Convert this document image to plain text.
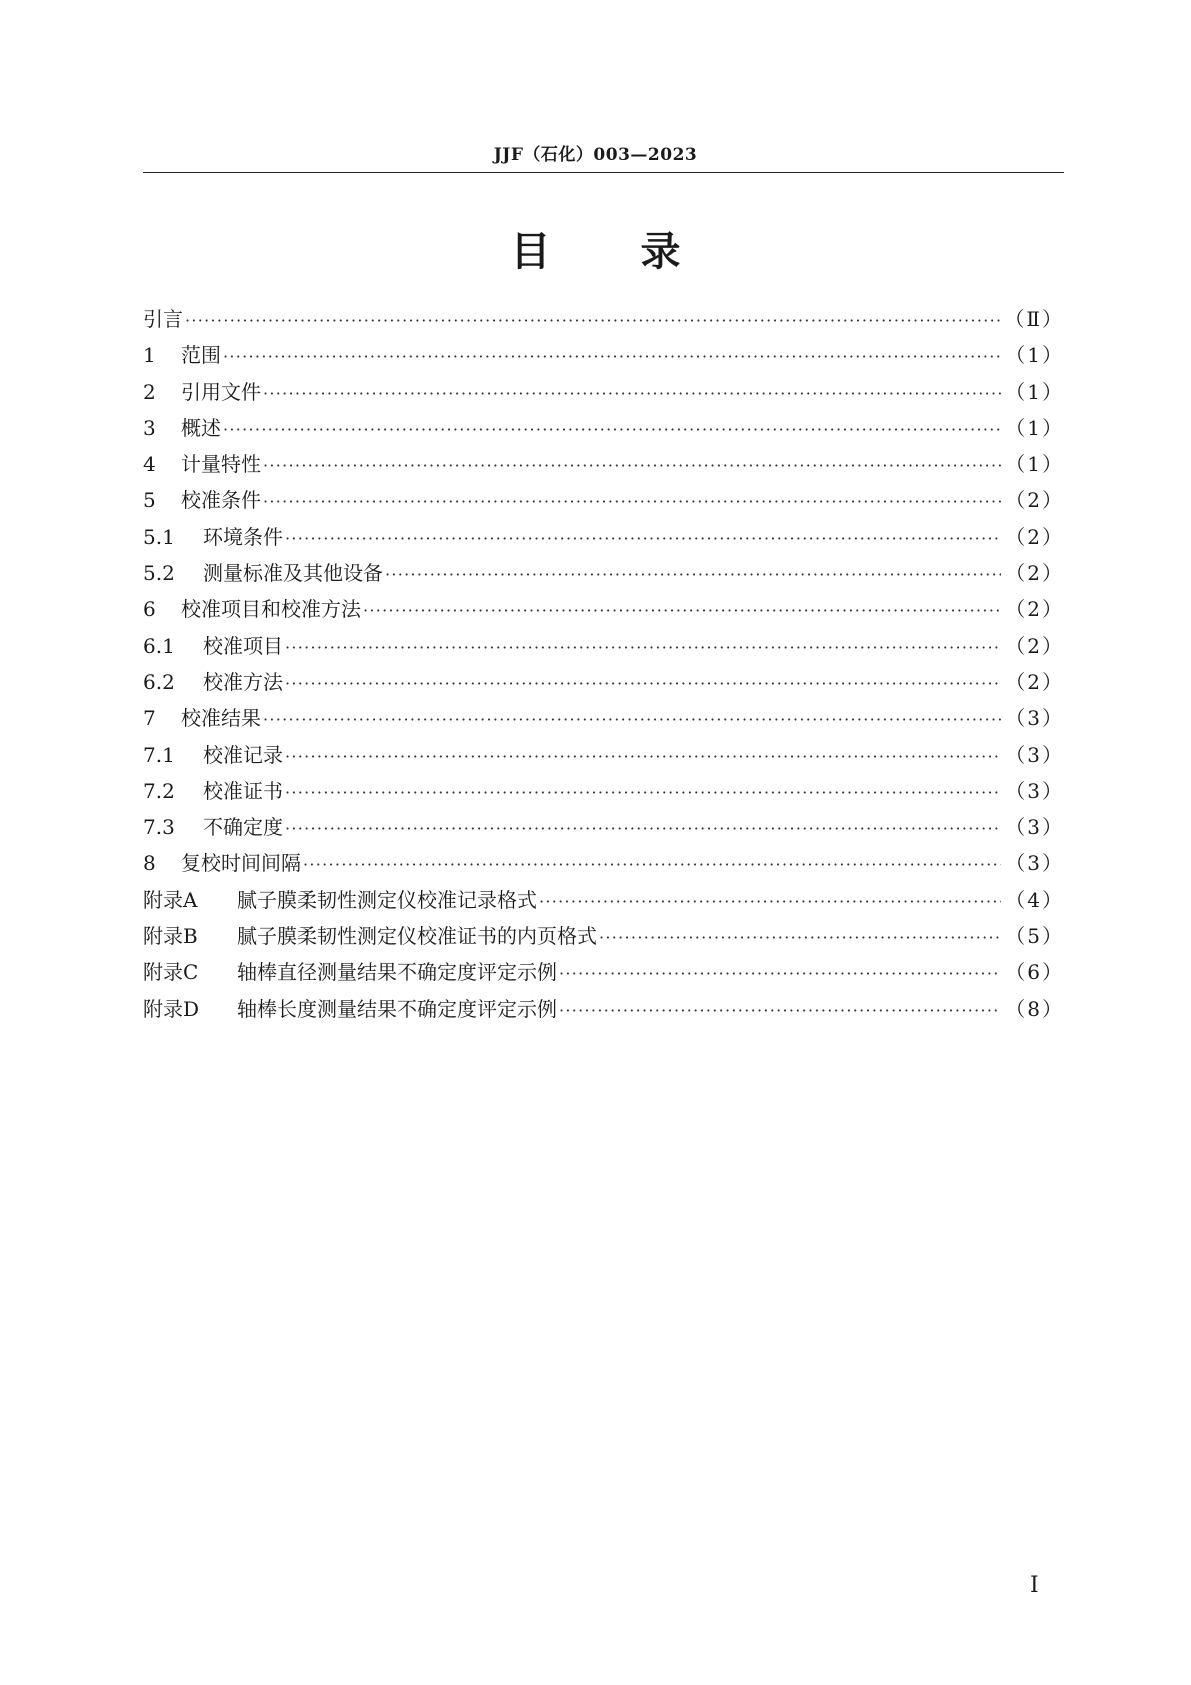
JJF（石化）003—2023
目录
引言 ·····	（Ⅱ）
1	范围 ·····	（1）
2	引用文件 ·····	（1）
3	概述 ·····	（1）
4	计量特性 ·····	（1）
5	校准条件 ·····	（2）
5.1	环境条件 ·····	（2）
5.2	测量标准及其他设备 ·····	（2）
6	校准项目和校准方法 ·····	（2）
6.1	校准项目 ·····	（2）
6.2	校准方法 ·····	（2）
7	校准结果 ·····	（3）
7.1	校准记录 ·····	（3）
7.2	校准证书 ·····	（3）
7.3	不确定度 ·····	（3）
8	复校时间间隔 ·····	（3）
附录A	腻子膜柔韧性测定仪校准记录格式 ·····	（4）
附录B	腻子膜柔韧性测定仪校准证书的内页格式 ·····	（5）
附录C	轴棒直径测量结果不确定度评定示例 ·····	（6）
附录D	轴棒长度测量结果不确定度评定示例 ·····	（8）
Ⅰ
